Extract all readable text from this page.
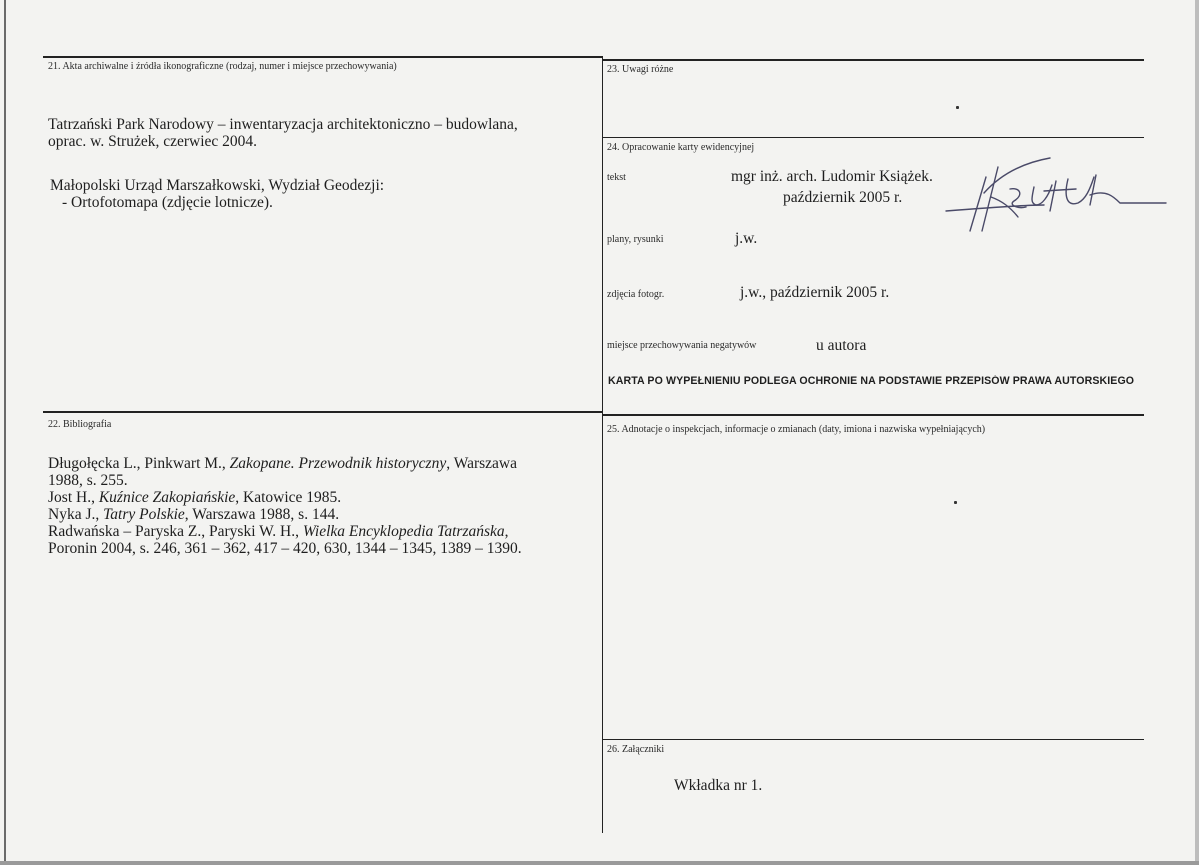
21. Akta archiwalne i źródła ikonograficzne (rodzaj, numer i miejsce przechowywania)
Tatrzański Park Narodowy – inwentaryzacja architektoniczno – budowlana,
oprac. w. Strużek, czerwiec 2004.
Małopolski Urząd Marszałkowski, Wydział Geodezji:
- Ortofotomapa (zdjęcie lotnicze).
22. Bibliografia
Długołęcka L., Pinkwart M., Zakopane. Przewodnik historyczny, Warszawa
1988, s. 255.
Jost H., Kuźnice Zakopiańskie, Katowice 1985.
Nyka J., Tatry Polskie, Warszawa 1988, s. 144.
Radwańska – Paryska Z., Paryski W. H., Wielka Encyklopedia Tatrzańska,
Poronin 2004, s. 246, 361 – 362, 417 – 420, 630, 1344 – 1345, 1389 – 1390.
23. Uwagi różne
24. Opracowanie karty ewidencyjnej
tekst	mgr inż. arch. Ludomir Książek.
październik 2005 r.
plany, rysunki	j.w.
zdjęcia fotogr.	j.w., październik 2005 r.
miejsce przechowywania negatywów	u autora
KARTA PO WYPEŁNIENIU PODLEGA OCHRONIE NA PODSTAWIE PRZEPISÓW PRAWA AUTORSKIEGO
25. Adnotacje o inspekcjach, informacje o zmianach (daty, imiona i nazwiska wypełniających)
26. Załączniki
Wkładka nr 1.
